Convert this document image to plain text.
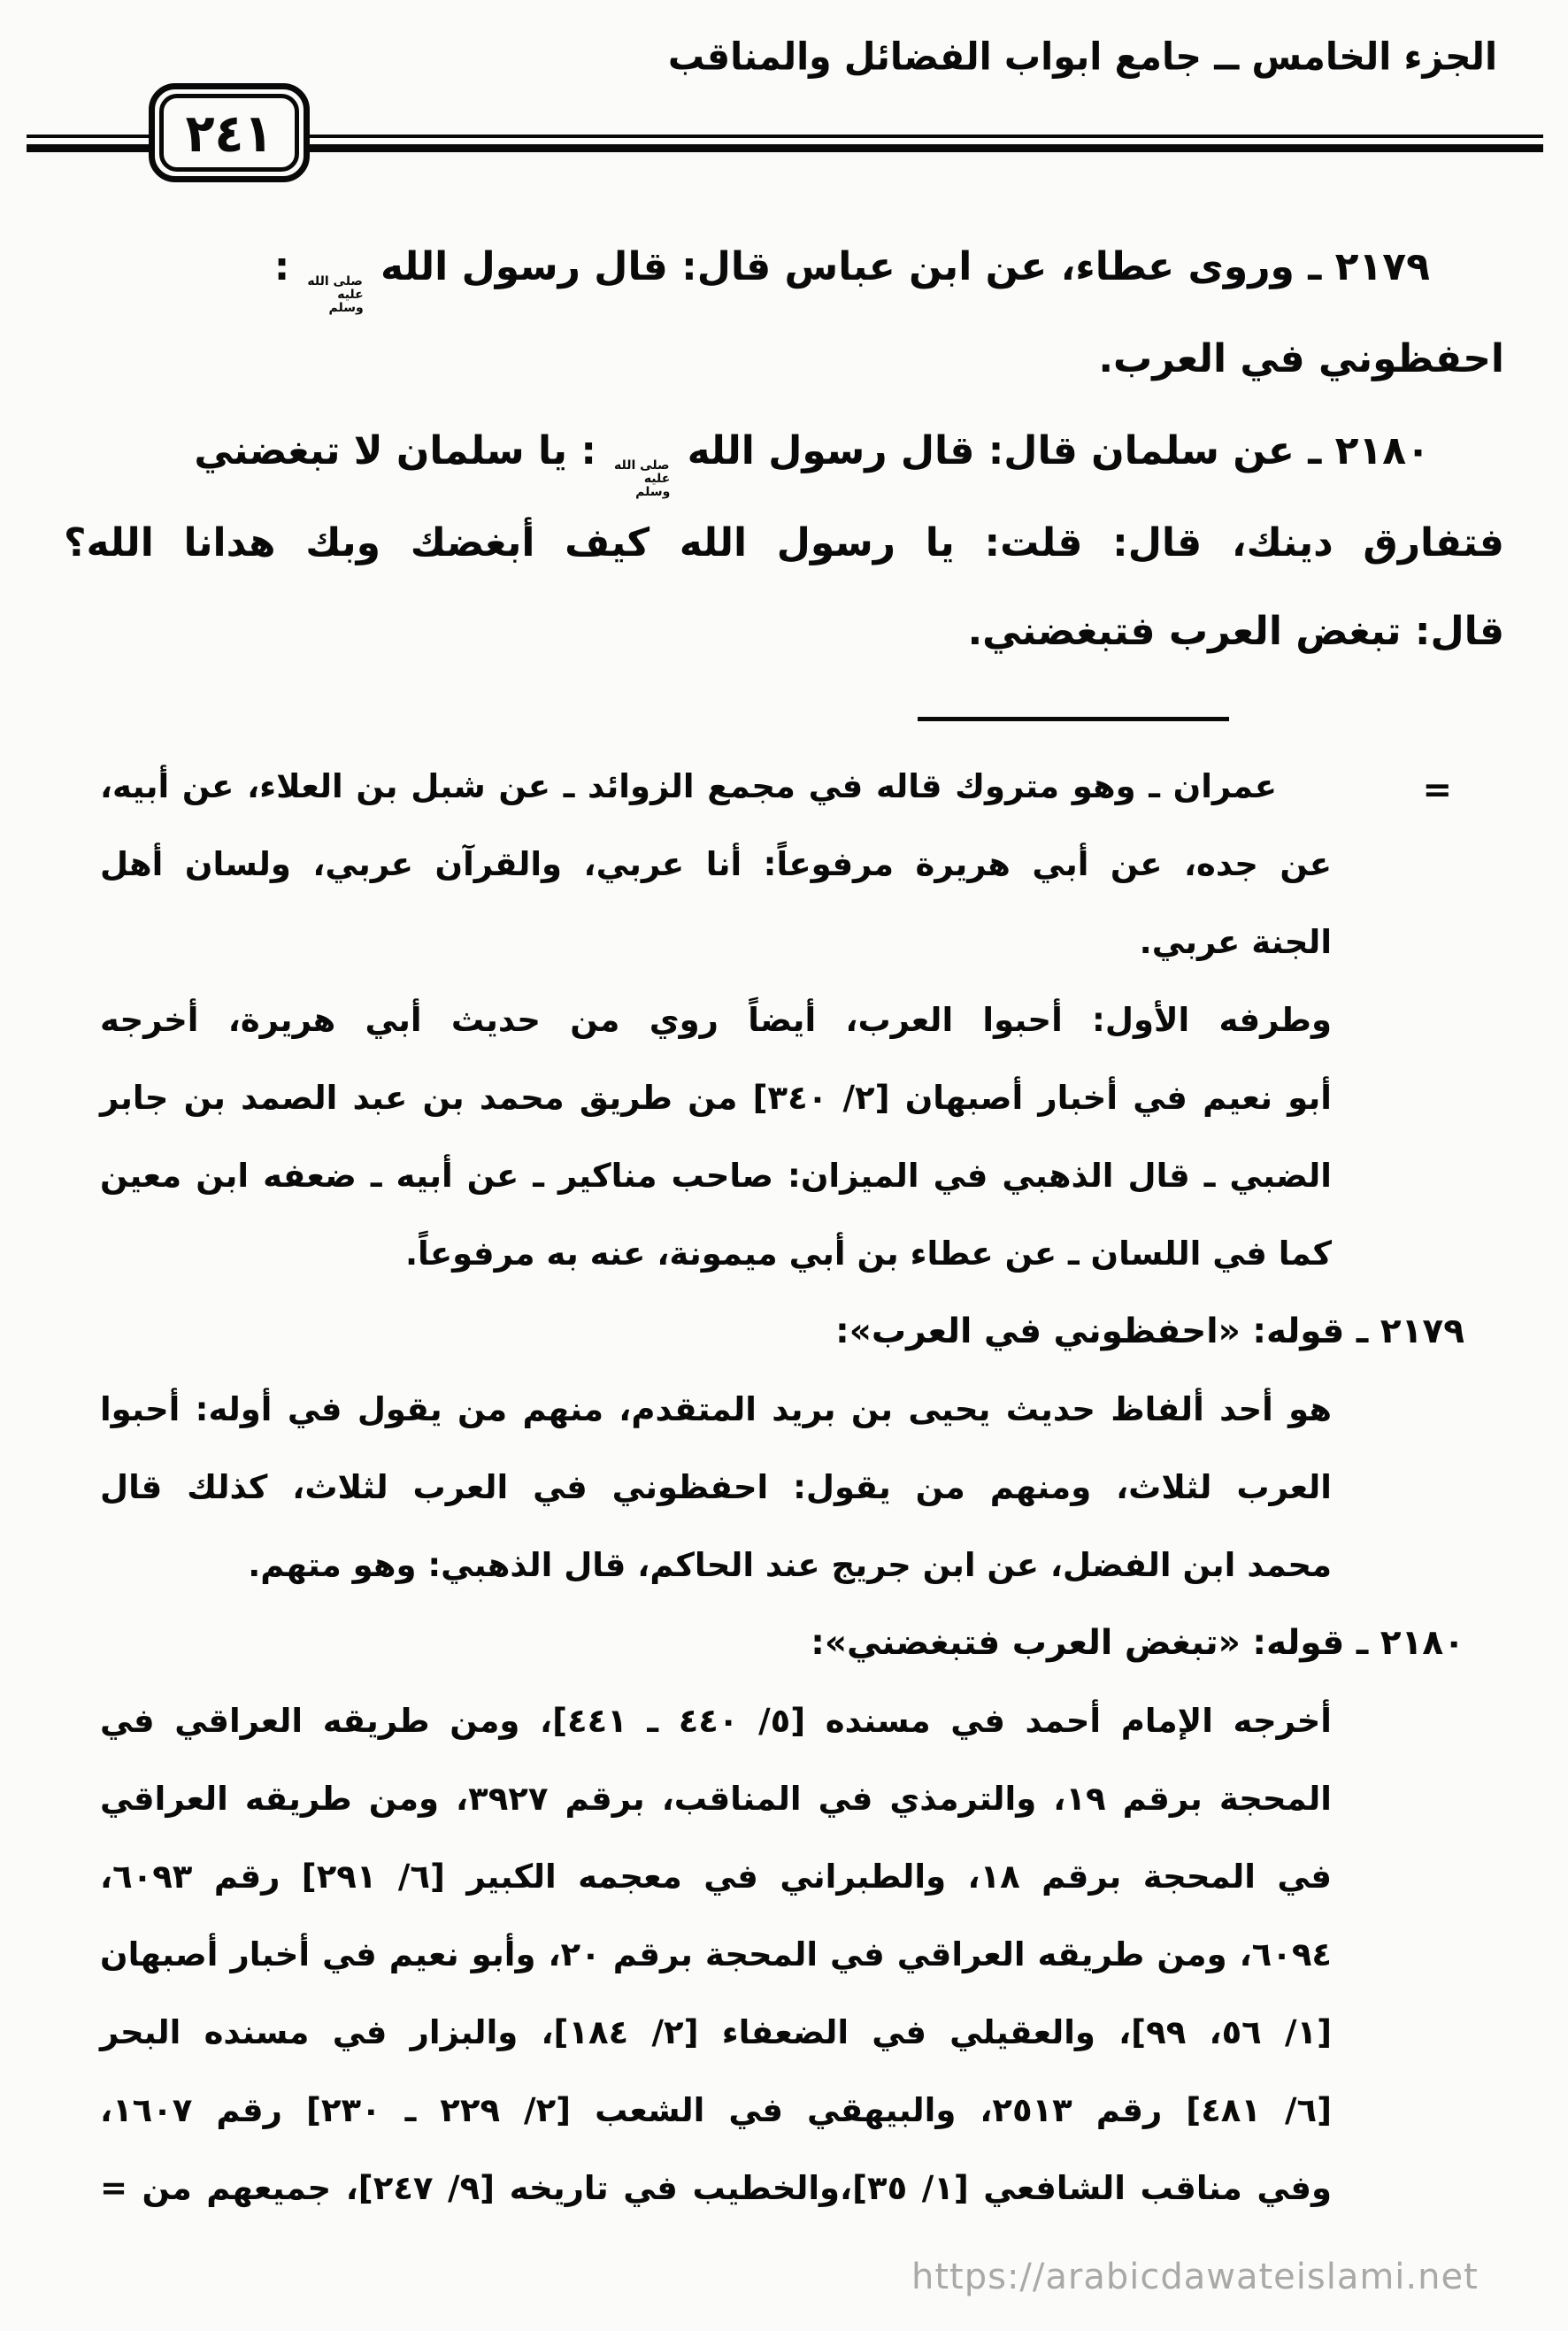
الجزء الخامس ــ جامع ابواب الفضائل والمناقب
٢٤١
٢١٧٩ ـ وروى عطاء، عن ابن عباس قال: قال رسول الله
صلى الله
عليه وسلم
:
احفظوني في العرب.
٢١٨٠ ـ عن سلمان قال: قال رسول الله
صلى الله
عليه وسلم
: يا سلمان لا تبغضني
فتفارق دينك، قال: قلت: يا رسول الله كيف أبغضك وبك هدانا الله؟
قال: تبغض العرب فتبغضني.
=
عمران ـ وهو متروك قاله في مجمع الزوائد ـ عن شبل بن العلاء، عن أبيه،
عن جده، عن أبي هريرة مرفوعاً: أنا عربي، والقرآن عربي، ولسان أهل
الجنة عربي.
وطرفه الأول: أحبوا العرب، أيضاً روي من حديث أبي هريرة، أخرجه
أبو نعيم في أخبار أصبهان [٢/ ٣٤٠] من طريق محمد بن عبد الصمد بن جابر
الضبي ـ قال الذهبي في الميزان: صاحب مناكير ـ عن أبيه ـ ضعفه ابن معين
كما في اللسان ـ عن عطاء بن أبي ميمونة، عنه به مرفوعاً.
٢١٧٩ ـ قوله: «احفظوني في العرب»:
هو أحد ألفاظ حديث يحيى بن بريد المتقدم، منهم من يقول في أوله: أحبوا
العرب لثلاث، ومنهم من يقول: احفظوني في العرب لثلاث، كذلك قال
محمد ابن الفضل، عن ابن جريج عند الحاكم، قال الذهبي: وهو متهم.
٢١٨٠ ـ قوله: «تبغض العرب فتبغضني»:
أخرجه الإمام أحمد في مسنده [٥/ ٤٤٠ ـ ٤٤١]، ومن طريقه العراقي في
المحجة برقم ١٩، والترمذي في المناقب، برقم ٣٩٢٧، ومن طريقه العراقي
في المحجة برقم ١٨، والطبراني في معجمه الكبير [٦/ ٢٩١] رقم ٦٠٩٣،
٦٠٩٤، ومن طريقه العراقي في المحجة برقم ٢٠، وأبو نعيم في أخبار أصبهان
[١/ ٥٦، ٩٩]، والعقيلي في الضعفاء [٢/ ١٨٤]، والبزار في مسنده البحر
[٦/ ٤٨١] رقم ٢٥١٣، والبيهقي في الشعب [٢/ ٢٢٩ ـ ٢٣٠] رقم ١٦٠٧،
وفي مناقب الشافعي [١/ ٣٥]،والخطيب في تاريخه [٩/ ٢٤٧]، جميعهم من =
https://arabicdawateislami.net
